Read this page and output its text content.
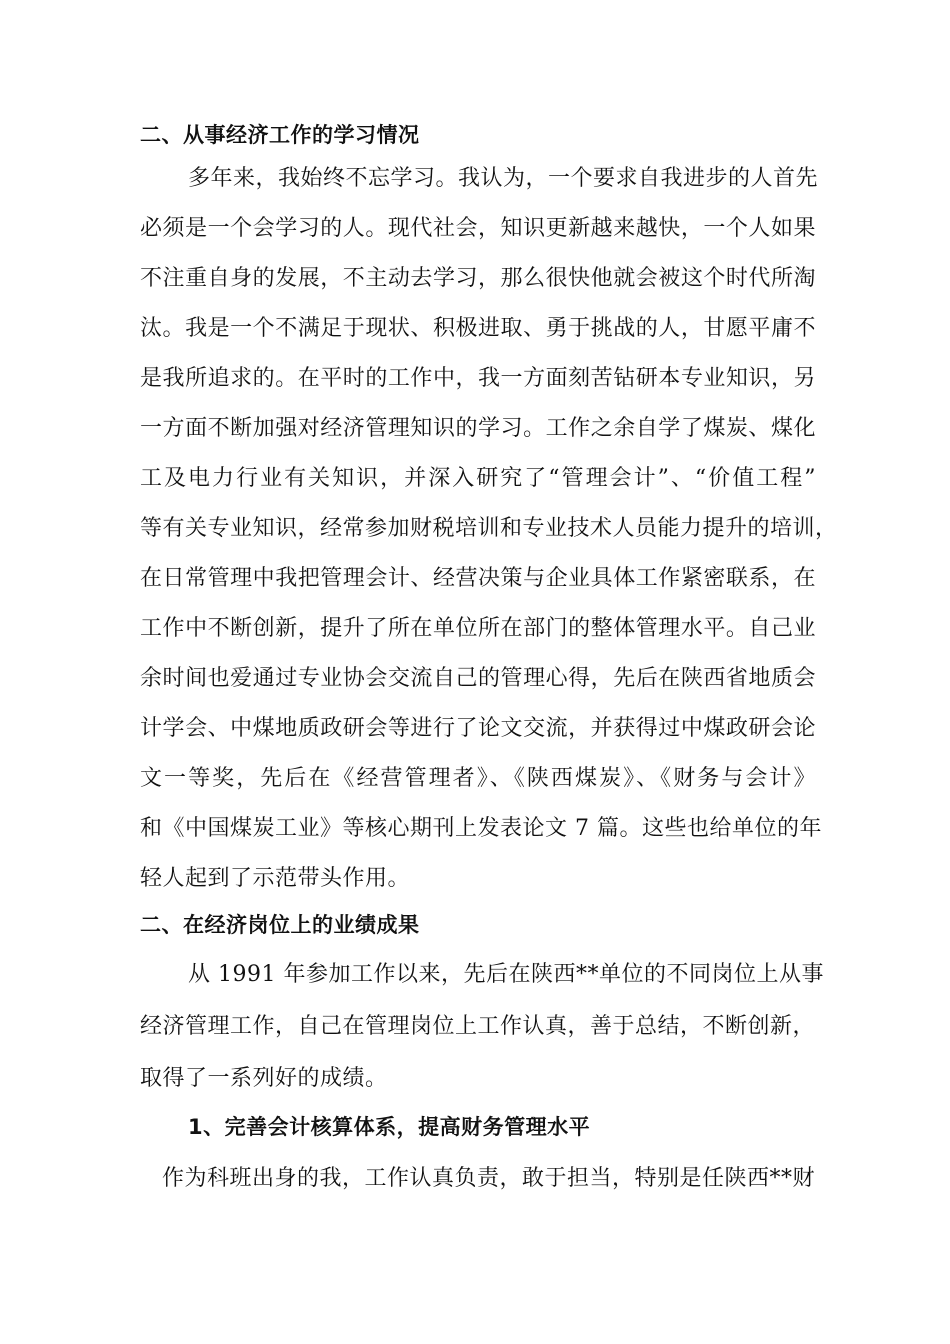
二、从事经济工作的学习情况
多年来，我始终不忘学习。我认为，一个要求自我进步的人首先
必须是一个会学习的人。现代社会，知识更新越来越快，一个人如果
不注重自身的发展，不主动去学习，那么很快他就会被这个时代所淘
汰。我是一个不满足于现状、积极进取、勇于挑战的人，甘愿平庸不
是我所追求的。在平时的工作中，我一方面刻苦钻研本专业知识，另
一方面不断加强对经济管理知识的学习。工作之余自学了煤炭、煤化
工及电力行业有关知识，并深入研究了“管理会计”、“价值工程”
等有关专业知识，经常参加财税培训和专业技术人员能力提升的培训，
在日常管理中我把管理会计、经营决策与企业具体工作紧密联系，在
工作中不断创新，提升了所在单位所在部门的整体管理水平。自己业
余时间也爱通过专业协会交流自己的管理心得，先后在陕西省地质会
计学会、中煤地质政研会等进行了论文交流，并获得过中煤政研会论
文一等奖，先后在《经营管理者》、《陕西煤炭》、《财务与会计》
和《中国煤炭工业》等核心期刊上发表论文 7 篇。这些也给单位的年
轻人起到了示范带头作用。
二、在经济岗位上的业绩成果
从 1991 年参加工作以来，先后在陕西**单位的不同岗位上从事
经济管理工作，自己在管理岗位上工作认真，善于总结，不断创新，
取得了一系列好的成绩。
1、完善会计核算体系，提高财务管理水平
作为科班出身的我，工作认真负责，敢于担当，特别是任陕西**财
